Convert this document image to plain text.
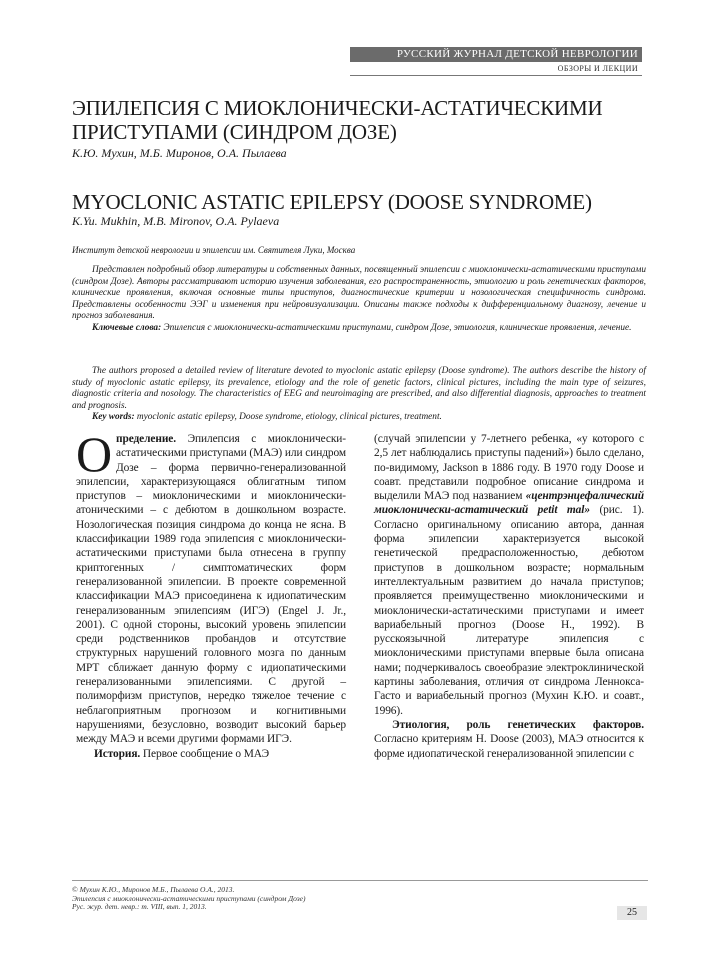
РУССКИЙ ЖУРНАЛ ДЕТСКОЙ НЕВРОЛОГИИ
ОБЗОРЫ И ЛЕКЦИИ
ЭПИЛЕПСИЯ С МИОКЛОНИЧЕСКИ-АСТАТИЧЕСКИМИ ПРИСТУПАМИ (СИНДРОМ ДОЗЕ)
К.Ю. Мухин, М.Б. Миронов, О.А. Пылаева
MYOCLONIC ASTATIC EPILEPSY (DOOSE SYNDROME)
K.Yu. Mukhin, M.B. Mironov, O.A. Pylaeva
Институт детской неврологии и эпилепсии им. Святителя Луки, Москва

Представлен подробный обзор литературы и собственных данных, посвященный эпилепсии с миоклонически-астатическими приступами (синдром Дозе). Авторы рассматривают историю изучения заболевания, его распространенность, этиологию и роль генетических факторов, клинические проявления, включая основные типы приступов, диагностические критерии и нозологическая специфичность синдрома. Представлены особенности ЭЭГ и изменения при нейровизуализации. Описаны также подходы к дифференциальному диагнозу, лечение и прогноз заболевания.

Ключевые слова: Эпилепсия с миоклонически-астатическими приступами, синдром Дозе, этиология, клинические проявления, лечение.

The authors proposed a detailed review of literature devoted to myoclonic astatic epilepsy (Doose syndrome). The authors describe the history of study of myoclonic astatic epilepsy, its prevalence, etiology and the role of genetic factors, clinical pictures, including the main type of seizures, diagnostic criteria and nosology. The characteristics of EEG and neuroimaging are prescribed, and also differential diagnosis, approaches to treatment and prognosis.

Key words: myoclonic astatic epilepsy, Doose syndrome, etiology, clinical pictures, treatment.

Определение. Эпилепсия с миоклонически-астатическими приступами (МАЭ) или синдром Дозе – форма первично-генерализованной эпилепсии, характеризующаяся облигатным типом приступов – миоклоническими и миоклонически-атоническими – с дебютом в дошкольном возрасте. Нозологическая позиция синдрома до конца не ясна. В классификации 1989 года эпилепсия с миоклонически-астатическими приступами была отнесена в группу криптогенных / симптоматических форм генерализованной эпилепсии. В проекте современной классификации МАЭ присоединена к идиопатическим генерализованным эпилепсиям (ИГЭ) (Engel J. Jr., 2001). С одной стороны, высокий уровень эпилепсии среди родственников пробандов и отсутствие структурных нарушений головного мозга по данным МРТ сближает данную форму с идиопатическими генерализованными эпилепсиями. С другой – полиморфизм приступов, нередко тяжелое течение с неблагоприятным прогнозом и когнитивными нарушениями, безусловно, возводит высокий барьер между МАЭ и всеми другими формами ИГЭ.

История. Первое сообщение о МАЭ

(случай эпилепсии у 7-летнего ребенка, «у которого с 2,5 лет наблюдались приступы падений») было сделано, по-видимому, Jackson в 1886 году. В 1970 году Doose и соавт. представили подробное описание синдрома и выделили МАЭ под названием «центрэнцефалический миоклонически-астатический petit mal» (рис. 1). Согласно оригинальному описанию автора, данная форма эпилепсии характеризуется высокой генетической предрасположенностью, дебютом приступов в дошкольном возрасте; нормальным интеллектуальным развитием до начала приступов; проявляется преимущественно миоклоническими и миоклонически-астатическими приступами и имеет вариабельный прогноз (Doose H., 1992). В русскоязычной литературе эпилепсия с миоклоническими приступами впервые была описана нами; подчеркивалось своеобразие электроклинической картины заболевания, отличия от синдрома Леннокса-Гасто и вариабельный прогноз (Мухин К.Ю. и соавт., 1996).

Этиология, роль генетических факторов. Согласно критериям H. Doose (2003), МАЭ относится к форме идиопатической генерализованной эпилепсии с

© Мухин К.Ю., Миронов М.Б., Пылаева О.А., 2013.
Эпилепсия с миоклонически-астатическими приступами (синдром Дозе)
Рус. жур. дет. невр.: т. VIII, вып. 1, 2013.
25
